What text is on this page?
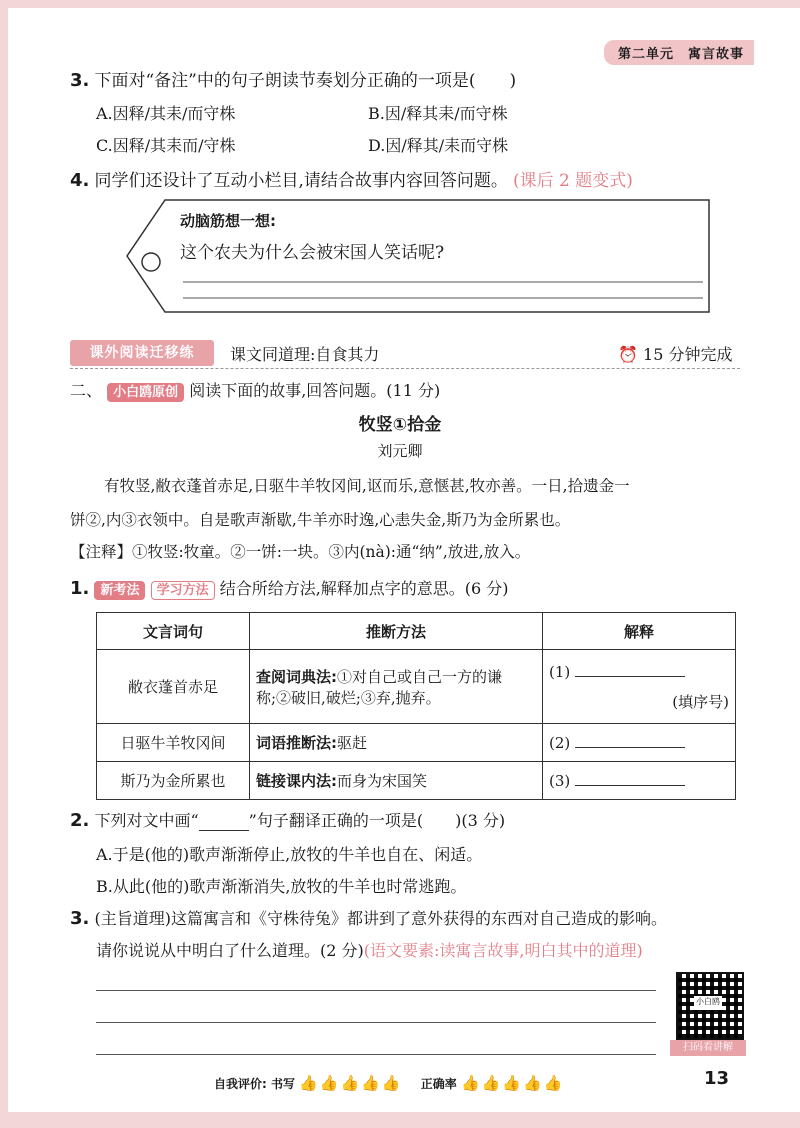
第二单元　寓言故事
3. 下面对“备注”中的句子朗读节奏划分正确的一项是(　　)
A.因释/其耒/而守株	B.因/释其耒/而守株
C.因释/其耒而/守株	D.因/释其/耒而守株
4. 同学们还设计了互动小栏目,请结合故事内容回答问题。 (课后 2 题变式)
动脑筋想一想:
这个农夫为什么会被宋国人笑话呢?
课外阅读迁移练	课文同道理:自食其力	⏰ 15 分钟完成
二、 小白鸥原创 阅读下面的故事,回答问题。(11 分)
牧竖①拾金
刘元卿
有牧竖,敝衣蓬首赤足,日驱牛羊牧冈间,讴而乐,意惬甚,牧亦善。一日,拾遗金一
饼②,内③衣领中。自是歌声渐歇,牛羊亦时逸,心恚失金,斯乃为金所累也。
【注释】①牧竖:牧童。②一饼:一块。③内(nà):通“纳”,放进,放入。
1. 新考法 学习方法 结合所给方法,解释加点字的意思。(6 分)
文言词句	推断方法	解释
敝衣蓬首赤足	查阅词典法:①对自己或自己一方的谦称;②破旧,破烂;③弃,抛弃。	(1)
(填序号)

日驱牛羊牧冈间	词语推断法:驱赶	(2)
斯乃为金所累也	链接课内法:而身为宋国笑	(3)
2. 下列对文中画“	”句子翻译正确的一项是(　　)(3 分)
A.于是(他的)歌声渐渐停止,放牧的牛羊也自在、闲适。
B.从此(他的)歌声渐渐消失,放牧的牛羊也时常逃跑。
3. (主旨道理)这篇寓言和《守株待兔》都讲到了意外获得的东西对自己造成的影响。
请你说说从中明白了什么道理。(2 分)(语文要素:读寓言故事,明白其中的道理)
小白鸥
扫码看讲解
自我评价: 书写 👍👍👍👍👍 正确率 👍👍👍👍👍	13
